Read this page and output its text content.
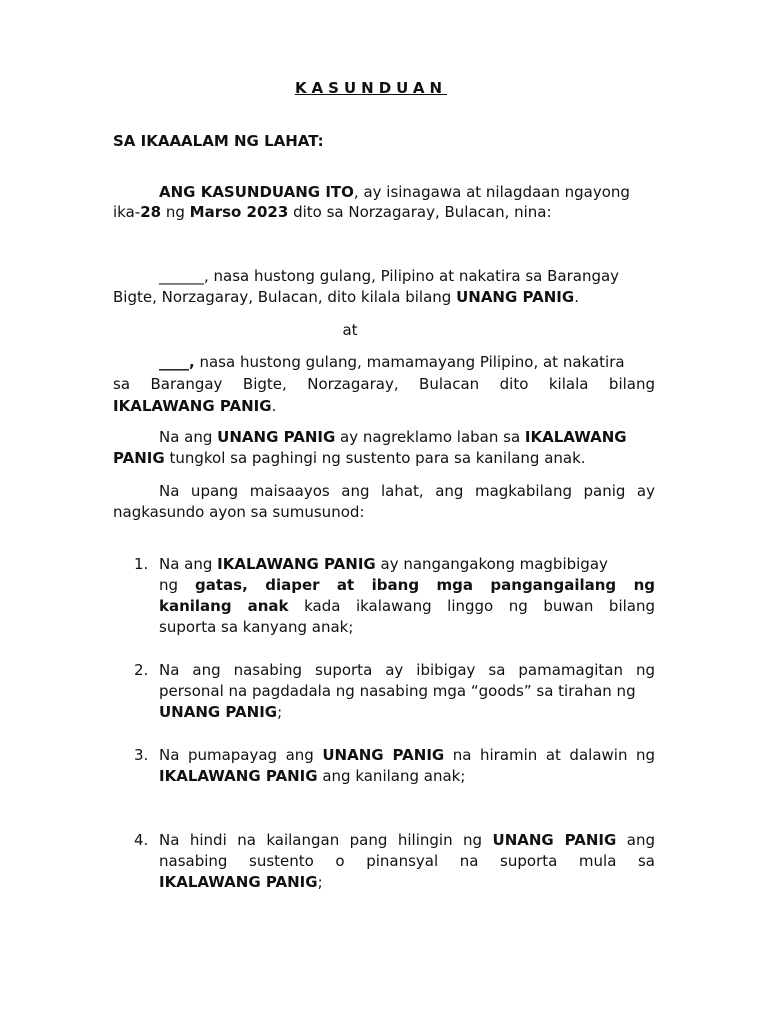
KASUNDUAN
SA IKAAALAM NG LAHAT:
ANG KASUNDUANG ITO, ay isinagawa at nilagdaan ngayong
ika-28 ng Marso 2023 dito sa Norzagaray, Bulacan, nina:
______, nasa hustong gulang, Pilipino at nakatira sa Barangay
Bigte, Norzagaray, Bulacan, dito kilala bilang UNANG PANIG.
at
____, nasa hustong gulang, mamamayang Pilipino, at nakatira
sa Barangay Bigte, Norzagaray, Bulacan dito kilala bilang
IKALAWANG PANIG.
Na ang UNANG PANIG ay nagreklamo laban sa IKALAWANG
PANIG tungkol sa paghingi ng sustento para sa kanilang anak.
Na upang maisaayos ang lahat, ang magkabilang panig ay
nagkasundo ayon sa sumusunod:
1. Na ang IKALAWANG PANIG ay nangangakong magbibigay
ng gatas, diaper at ibang mga pangangailang ng
kanilang anak kada ikalawang linggo ng buwan bilang
suporta sa kanyang anak;
2. Na ang nasabing suporta ay ibibigay sa pamamagitan ng
personal na pagdadala ng nasabing mga “goods” sa tirahan ng
UNANG PANIG;
3. Na pumapayag ang UNANG PANIG na hiramin at dalawin ng
IKALAWANG PANIG ang kanilang anak;
4. Na hindi na kailangan pang hilingin ng UNANG PANIG ang
nasabing sustento o pinansyal na suporta mula sa
IKALAWANG PANIG;
